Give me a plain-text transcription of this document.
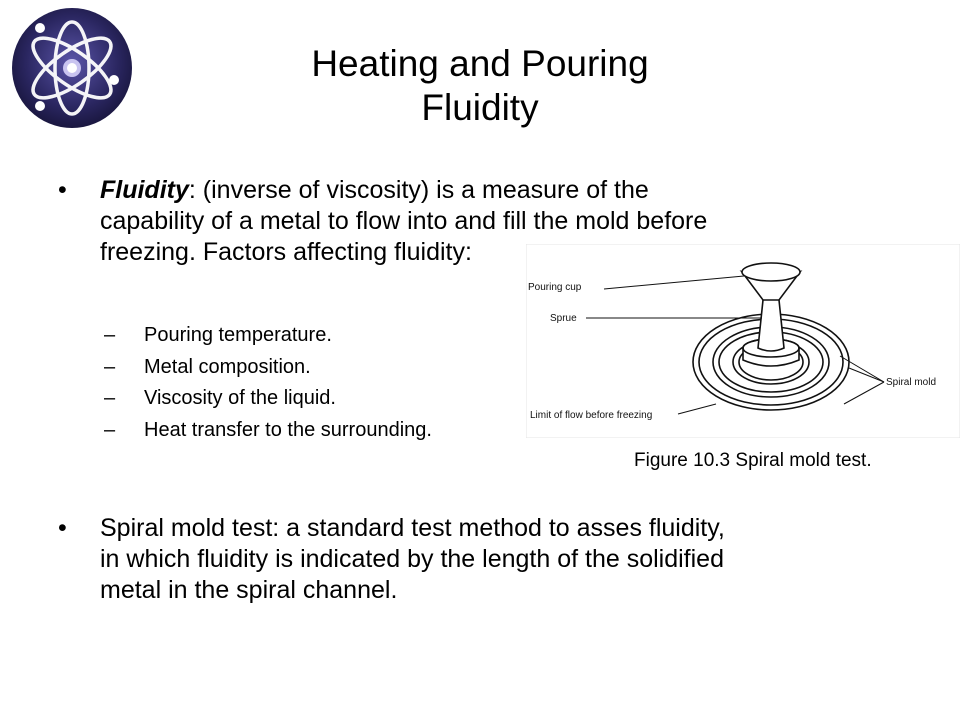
Heating and Pouring
Fluidity
• Fluidity: (inverse of viscosity) is a measure of the
capability of a metal to flow into and fill the mold before
freezing. Factors affecting fluidity:
– Pouring temperature.
– Metal composition.
– Viscosity of the liquid.
– Heat transfer to the surrounding.
Pouring cup
Sprue
Spiral mold
Limit of flow before freezing
Figure 10.3 Spiral mold test.
• Spiral mold test: a standard test method to asses fluidity,
in which fluidity is indicated by the length of the solidified
metal in the spiral channel.
